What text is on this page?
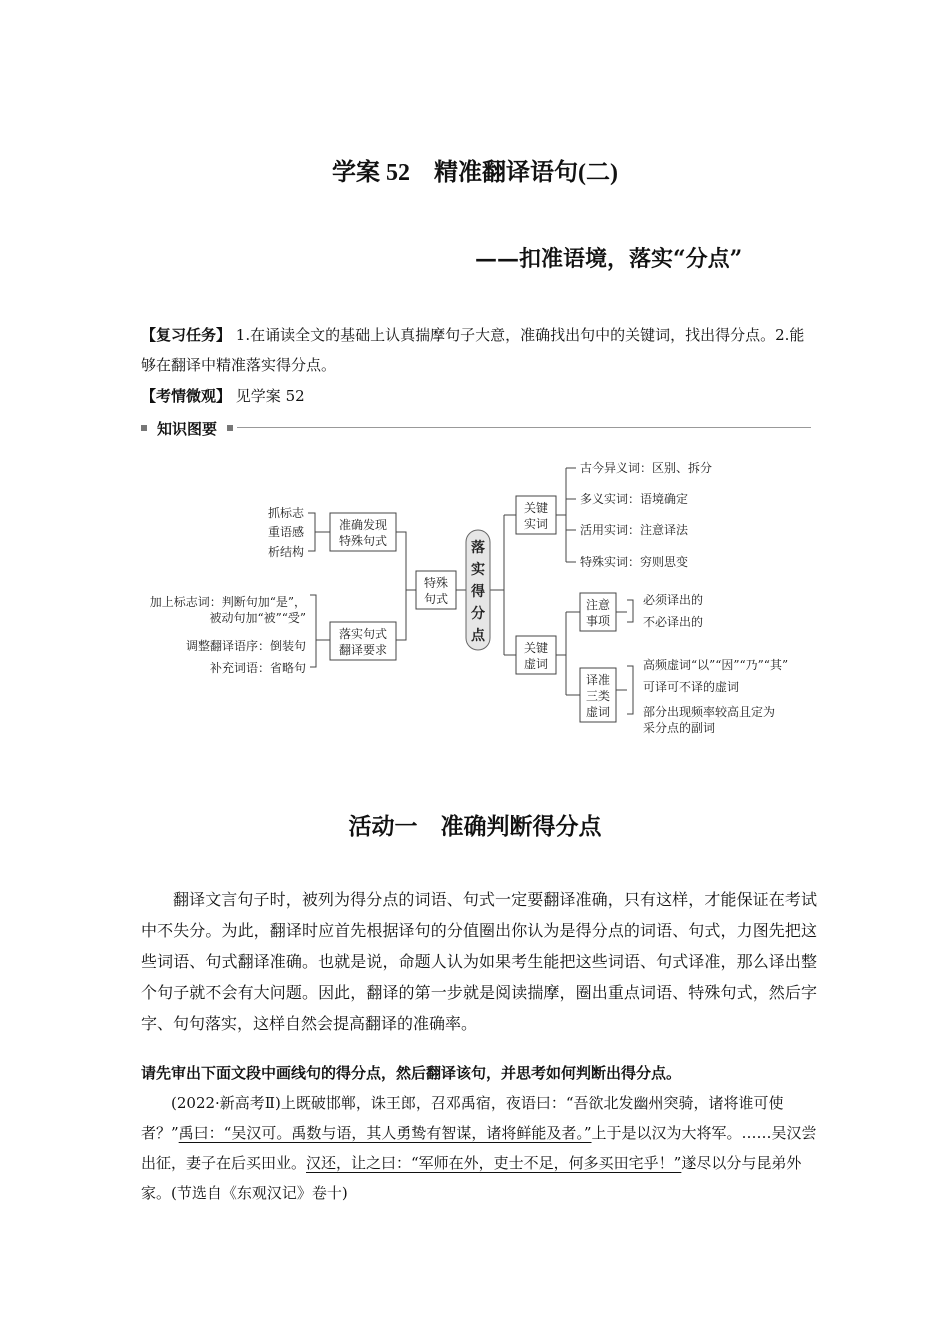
学案 52　精准翻译语句(二)
——扣准语境，落实“分点”
【复习任务】 1.在诵读全文的基础上认真揣摩句子大意，准确找出句中的关键词，找出得分点。2.能够在翻译中精准落实得分点。
【考情微观】 见学案 52
知识图要
抓标志
重语感
析结构
加上标志词：判断句加“是”，
被动句加“被”“受”
调整翻译语序：倒装句
补充词语：省略句
准确发现
特殊句式
落实句式
翻译要求
特殊
句式
落
实
得
分
点
关键
实词
古今异义词：区别、拆分
多义实词：语境确定
活用实词：注意译法
特殊实词：穷则思变
关键
虚词
注意
事项
必须译出的
不必译出的
译准
三类
虚词
高频虚词“以”“因”“乃”“其”
可译可不译的虚词
部分出现频率较高且定为
采分点的副词
活动一　准确判断得分点
翻译文言句子时，被列为得分点的词语、句式一定要翻译准确，只有这样，才能保证在考试中不失分。为此，翻译时应首先根据译句的分值圈出你认为是得分点的词语、句式，力图先把这些词语、句式翻译准确。也就是说，命题人认为如果考生能把这些词语、句式译准，那么译出整个句子就不会有大问题。因此，翻译的第一步就是阅读揣摩，圈出重点词语、特殊句式，然后字字、句句落实，这样自然会提高翻译的准确率。
请先审出下面文段中画线句的得分点，然后翻译该句，并思考如何判断出得分点。
(2022·新高考Ⅱ)上既破邯郸，诛王郎，召邓禹宿，夜语曰：“吾欲北发幽州突骑，诸将谁可使者？”禹曰：“吴汉可。禹数与语，其人勇鸷有智谋，诸将鲜能及者。”上于是以汉为大将军。……吴汉尝出征，妻子在后买田业。汉还，让之曰：“军师在外，吏士不足，何多买田宅乎！”遂尽以分与昆弟外家。(节选自《东观汉记》卷十)
